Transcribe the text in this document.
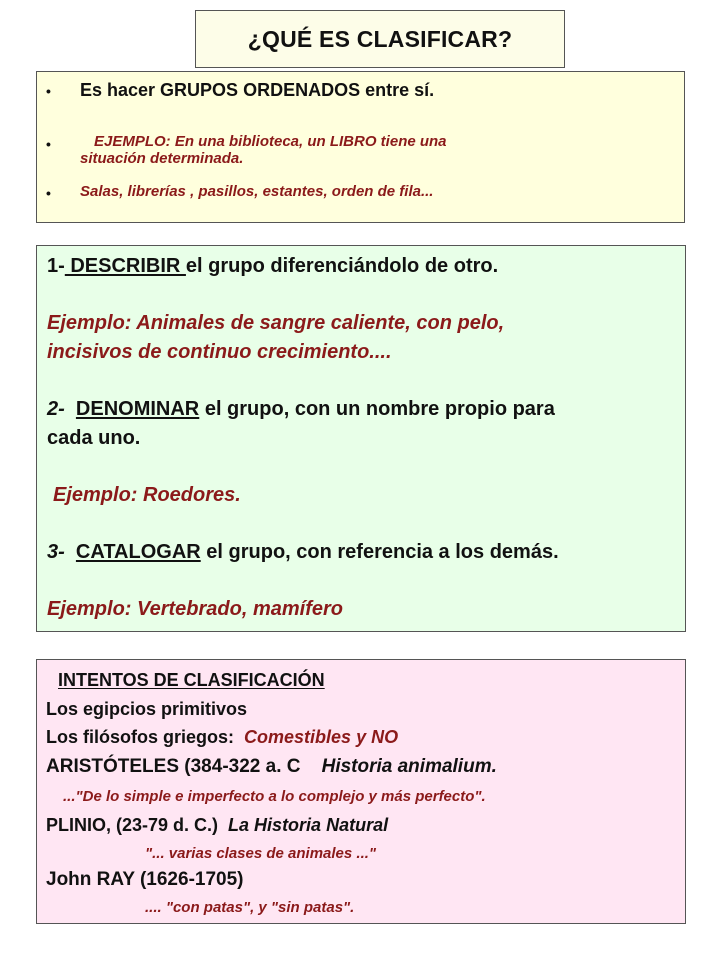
¿QUÉ ES CLASIFICAR?
• Es hacer GRUPOS ORDENADOS entre sí.
•	EJEMPLO: En una biblioteca, un LIBRO tiene una
situación determinada.
• Salas, librerías , pasillos, estantes, orden de fila...
1- DESCRIBIR el grupo diferenciándolo de otro.
Ejemplo: Animales de sangre caliente, con pelo,
incisivos de continuo crecimiento....
2- DENOMINAR el grupo, con un nombre propio para
cada uno.
Ejemplo: Roedores.
3- CATALOGAR el grupo, con referencia a los demás.
Ejemplo: Vertebrado, mamífero
INTENTOS DE CLASIFICACIÓN
Los egipcios primitivos
Los filósofos griegos: Comestibles y NO
ARISTÓTELES (384-322 a. C Historia animalium.
..."De lo simple e imperfecto a lo complejo y más perfecto".
PLINIO, (23-79 d. C.) La Historia Natural
"... varias clases de animales ..."
John RAY (1626-1705)
.... "con patas", y "sin patas".
